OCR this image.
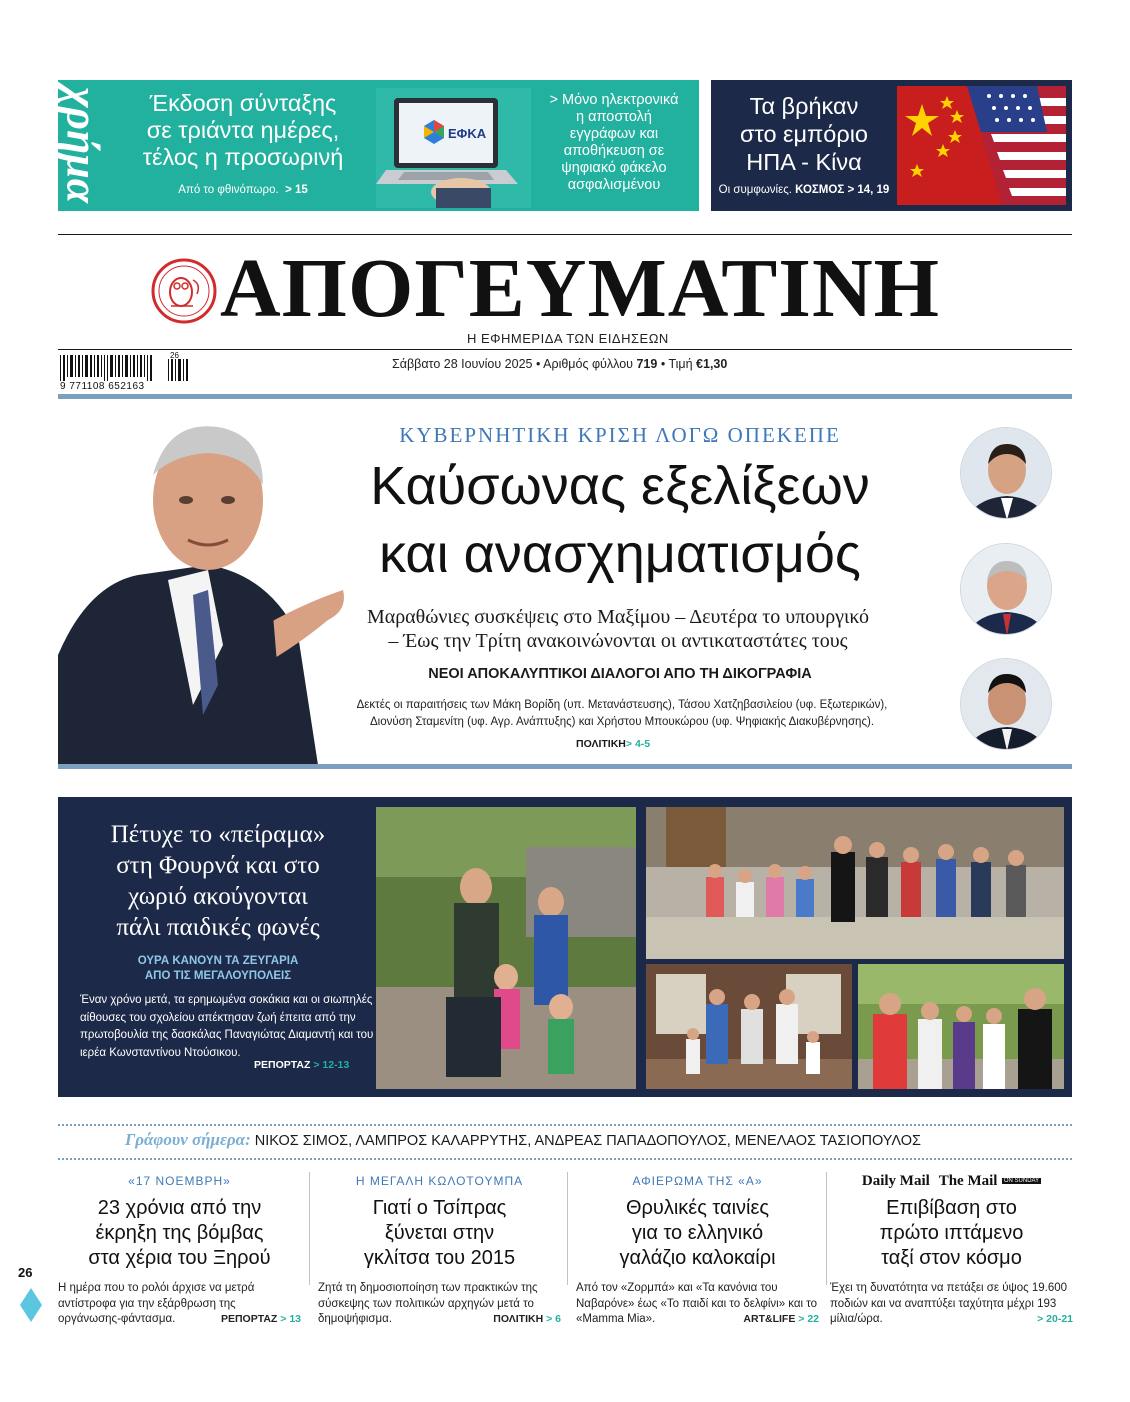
χρήμα	Έκδοση σύνταξης
σε τριάντα ημέρες,
τέλος η προσωρινή
Από το φθινόπωρο. > 15
ΕΦΚΑ
> Μόνο ηλεκτρονικά
η αποστολή
εγγράφων και
αποθήκευση σε
ψηφιακό φάκελο
ασφαλισμένου
Τα βρήκαν
στο εμπόριο
ΗΠΑ - Κίνα
Οι συμφωνίες. ΚΟΣΜΟΣ > 14, 19
ΑΠΟΓΕΥΜΑΤΙΝΗ
Η ΕΦΗΜΕΡΙΔΑ ΤΩΝ ΕΙΔΗΣΕΩΝ
9 771108 652163
26
Σάββατο 28 Ιουνίου 2025 • Αριθμός φύλλου 719 • Τιμή €1,30
ΚΥΒΕΡΝΗΤΙΚΗ ΚΡΙΣΗ ΛΟΓΩ ΟΠΕΚΕΠΕ
Καύσωνας εξελίξεων
και ανασχηματισμός
Μαραθώνιες συσκέψεις στο Μαξίμου – Δευτέρα το υπουργικό
– Έως την Τρίτη ανακοινώνονται οι αντικαταστάτες τους
ΝΕΟΙ ΑΠΟΚΑΛΥΠΤΙΚΟΙ ΔΙΑΛΟΓΟΙ ΑΠΟ ΤΗ ΔΙΚΟΓΡΑΦΙΑ
Δεκτές οι παραιτήσεις των Μάκη Βορίδη (υπ. Μετανάστευσης), Τάσου Χατζηβασιλείου (υφ. Εξωτερικών),
Διονύση Σταμενίτη (υφ. Αγρ. Ανάπτυξης) και Χρήστου Μπουκώρου (υφ. Ψηφιακής Διακυβέρνησης).
ΠΟΛΙΤΙΚΗ> 4-5
Πέτυχε το «πείραμα»
στη Φουρνά και στο
χωριό ακούγονται
πάλι παιδικές φωνές
ΟΥΡΑ ΚΑΝΟΥΝ ΤΑ ΖΕΥΓΑΡΙΑ
ΑΠΟ ΤΙΣ ΜΕΓΑΛΟΥΠΟΛΕΙΣ
Έναν χρόνο μετά, τα ερημωμένα σοκάκια και οι σιωπηλές αίθουσες του σχολείου απέκτησαν ζωή έπειτα από την πρωτοβουλία της δασκάλας Παναγιώτας Διαμαντή και του ιερέα Κωνσταντίνου Ντούσικου.
ΡΕΠΟΡΤΑΖ > 12-13
Γράφουν σήμερα: ΝΙΚΟΣ ΣΙΜΟΣ, ΛΑΜΠΡΟΣ ΚΑΛΑΡΡΥΤΗΣ, ΑΝΔΡΕΑΣ ΠΑΠΑΔΟΠΟΥΛΟΣ, ΜΕΝΕΛΑΟΣ ΤΑΣΙΟΠΟΥΛΟΣ
«17 ΝΟΕΜΒΡΗ»
23 χρόνια από την
έκρηξη της βόμβας
στα χέρια του Ξηρού
Η ημέρα που το ρολόι άρχισε να μετρά αντίστροφα για την εξάρθρωση της οργάνωσης-φάντασμα.	ΡΕΠΟΡΤΑΖ > 13
Η ΜΕΓΑΛΗ ΚΩΛΟΤΟΥΜΠΑ
Γιατί ο Τσίπρας
ξύνεται στην
γκλίτσα του 2015
Ζητά τη δημοσιοποίηση των πρακτικών της σύσκεψης των πολιτικών αρχηγών μετά το δημοψήφισμα.	ΠΟΛΙΤΙΚΗ > 6
ΑΦΙΕΡΩΜΑ ΤΗΣ «Α»
Θρυλικές ταινίες
για το ελληνικό
γαλάζιο καλοκαίρι
Από τον «Ζορμπά» και «Τα κανόνια του Ναβαρόνε» έως «Το παιδί και το δελφίνι» και το «Mamma Mia».	ART&LIFE > 22
Daily Mail The Mail ON SUNDAY
Επιβίβαση στο
πρώτο ιπτάμενο
ταξί στον κόσμο
Έχει τη δυνατότητα να πετάξει σε ύψος 19.600 ποδιών και να αναπτύξει ταχύτητα μέχρι 193 μίλια/ώρα.	> 20-21
26
